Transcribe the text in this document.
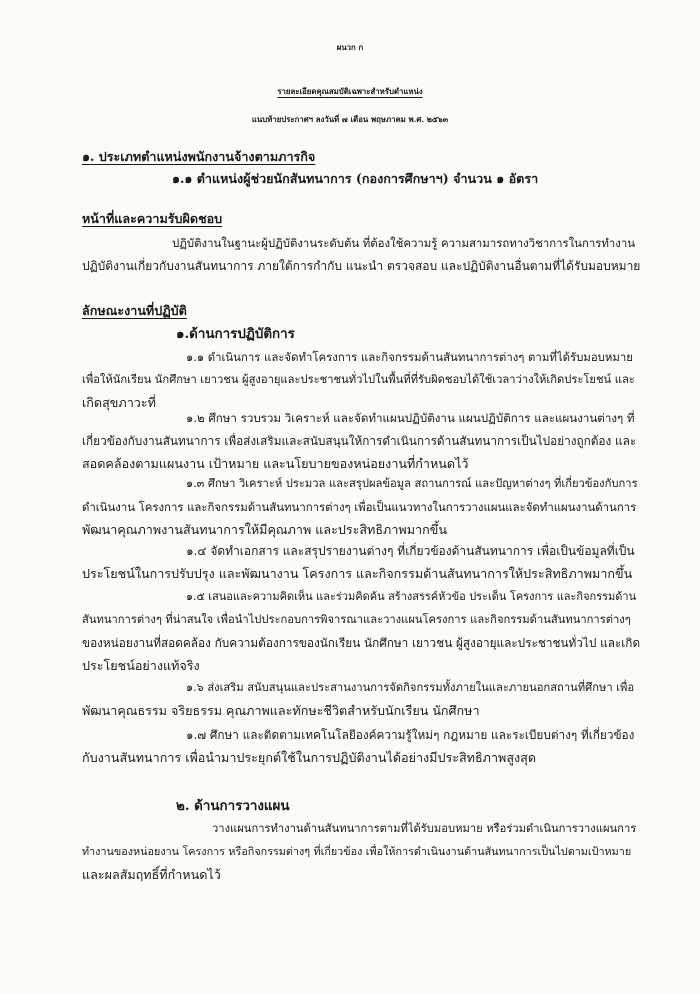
ผนวก ก
รายละเอียดคุณสมบัติเฉพาะสำหรับตำแหน่ง
แนบท้ายประกาศฯ ลงวันที่ ๗ เดือน พฤษภาคม พ.ศ. ๒๕๖๓
๑. ประเภทตำแหน่งพนักงานจ้างตามภารกิจ
๑.๑ ตำแหน่งผู้ช่วยนักสันทนาการ (กองการศึกษาฯ) จำนวน ๑ อัตรา
หน้าที่และความรับผิดชอบ
ปฏิบัติงานในฐานะผู้ปฏิบัติงานระดับต้น ที่ต้องใช้ความรู้ ความสามารถทางวิชาการในการทำงาน
ปฏิบัติงานเกี่ยวกับงานสันทนาการ ภายใต้การกำกับ แนะนำ ตรวจสอบ และปฏิบัติงานอื่นตามที่ได้รับมอบหมาย
ลักษณะงานที่ปฏิบัติ
๑.ด้านการปฏิบัติการ
๑.๑ ดำเนินการ และจัดทำโครงการ และกิจกรรมด้านสันทนาการต่างๆ ตามที่ได้รับมอบหมาย
เพื่อให้นักเรียน นักศึกษา เยาวชน ผู้สูงอายุและประชาชนทั่วไปในพื้นที่ที่รับผิดชอบได้ใช้เวลาว่างให้เกิดประโยชน์ และ
เกิดสุขภาวะที่
๑.๒ ศึกษา รวบรวม วิเคราะห์ และจัดทำแผนปฏิบัติงาน แผนปฏิบัติการ และแผนงานต่างๆ ที่
เกี่ยวข้องกับงานสันทนาการ เพื่อส่งเสริมและสนับสนุนให้การดำเนินการด้านสันทนาการเป็นไปอย่างถูกต้อง และ
สอดคล้องตามแผนงาน เป้าหมาย และนโยบายของหน่อยงานที่กำหนดไว้
๑.๓ ศึกษา วิเคราะห์ ประมวล และสรุปผลข้อมูล สถานการณ์ และปัญหาต่างๆ ที่เกี่ยวข้องกับการ
ดำเนินงาน โครงการ และกิจกรรมด้านสันทนาการต่างๆ เพื่อเป็นแนวทางในการวางแผนและจัดทำแผนงานด้านการ
พัฒนาคุณภาพงานสันทนาการให้มีคุณภาพ และประสิทธิภาพมากขึ้น
๑.๔ จัดทำเอกสาร และสรุปรายงานต่างๆ ที่เกี่ยวข้องด้านสันทนาการ เพื่อเป็นข้อมูลที่เป็น
ประโยชน์ในการปรับปรุง และพัฒนางาน โครงการ และกิจกรรมด้านสันทนาการให้ประสิทธิภาพมากขึ้น
๑.๕ เสนอและความคิดเห็น และร่วมคิดค้น สร้างสรรค์หัวข้อ ประเด็น โครงการ และกิจกรรมด้าน
สันทนาการต่างๆ ที่น่าสนใจ เพื่อนำไปประกอบการพิจารณาและวางแผนโครงการ และกิจกรรมด้านสันทนาการต่างๆ
ของหน่อยงานที่สอดคล้อง กับความต้องการของนักเรียน นักศึกษา เยาวชน ผู้สูงอายุและประชาชนทั่วไป และเกิด
ประโยชน์อย่างแท้จริง
๑.๖ ส่งเสริม สนับสนุนและประสานงานการจัดกิจกรรมทั้งภายในและภายนอกสถานที่ศึกษา เพื่อ
พัฒนาคุณธรรม จริยธรรม คุณภาพและทักษะชีวิตสำหรับนักเรียน นักศึกษา
๑.๗ ศึกษา และติดตามเทคโนโลยีองค์ความรู้ใหม่ๆ กฎหมาย และระเบียบต่างๆ ที่เกี่ยวข้อง
กับงานสันทนาการ เพื่อนำมาประยุกต์ใช้ในการปฏิบัติงานได้อย่างมีประสิทธิภาพสูงสุด
๒. ด้านการวางแผน
วางแผนการทำงานด้านสันทนาการตามที่ได้รับมอบหมาย หรือร่วมดำเนินการวางแผนการ
ทำงานของหน่อยงาน โครงการ หรือกิจกรรมต่างๆ ที่เกี่ยวข้อง เพื่อให้การดำเนินงานด้านสันทนาการเป็นไปตามเป้าหมาย
และผลสัมฤทธิ์ที่กำหนดไว้
